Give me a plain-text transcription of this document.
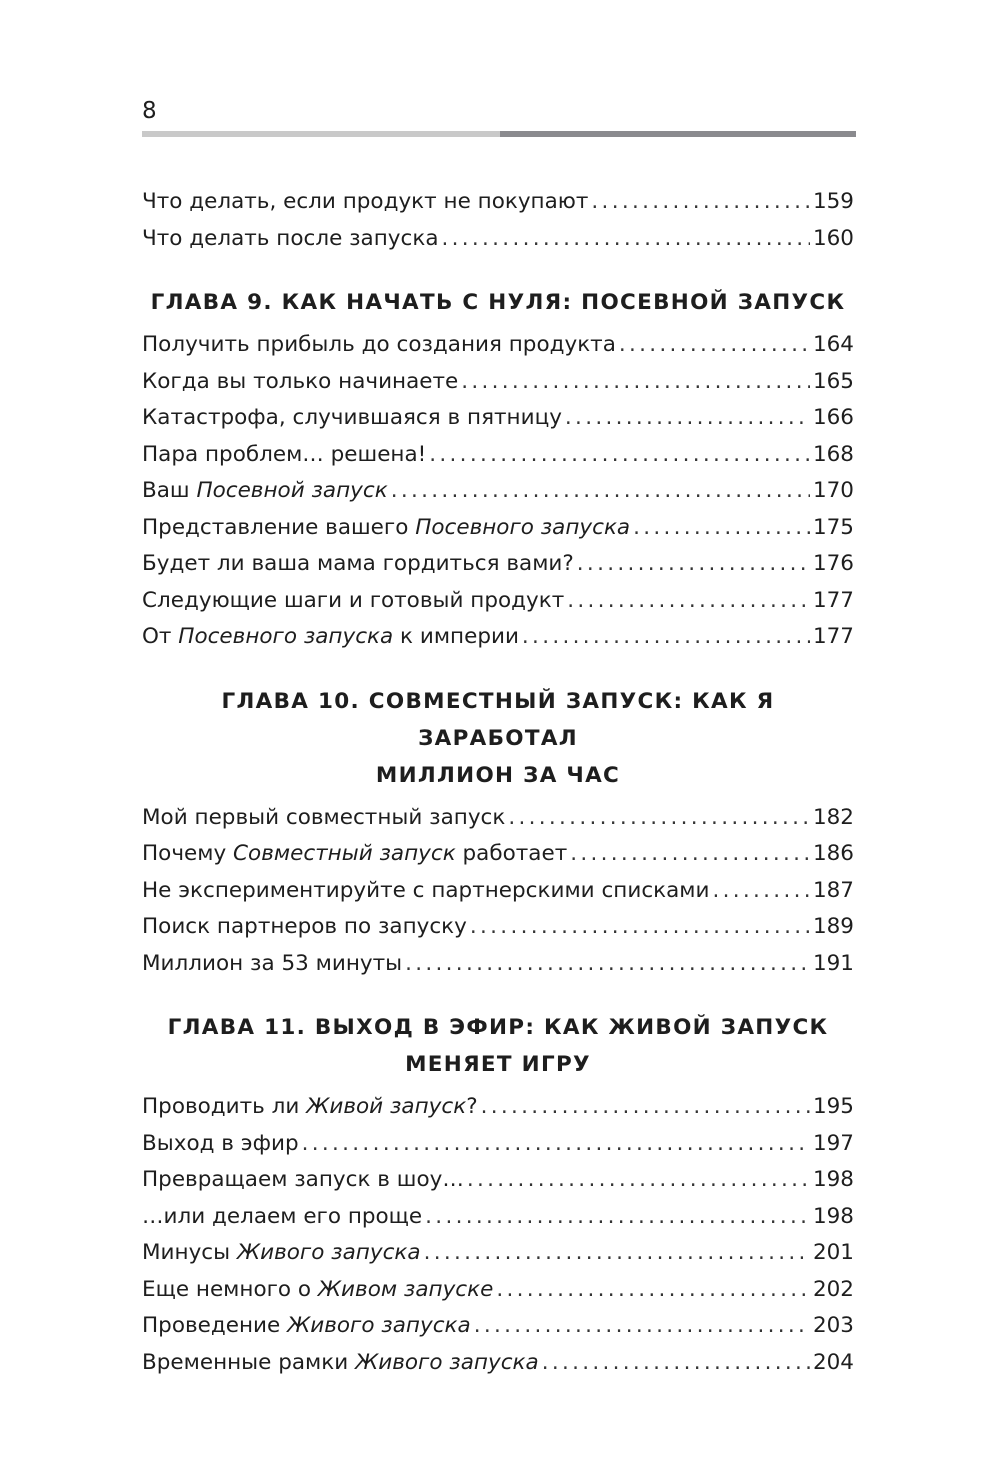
8
Что делать, если продукт не покупают .....	159
Что делать после запуска .....	160
ГЛАВА 9. КАК НАЧАТЬ С НУЛЯ: ПОСЕВНОЙ ЗАПУСК
Получить прибыль до создания продукта .....	164
Когда вы только начинаете .....	165
Катастрофа, случившаяся в пятницу .....	166
Пара проблем… решена! .....	168
Ваш Посевной запуск .....	170
Представление вашего Посевного запуска .....	175
Будет ли ваша мама гордиться вами? .....	176
Следующие шаги и готовый продукт .....	177
От Посевного запуска к империи .....	177
ГЛАВА 10. СОВМЕСТНЫЙ ЗАПУСК: КАК Я ЗАРАБОТАЛ
МИЛЛИОН ЗА ЧАС
Мой первый совместный запуск .....	182
Почему Совместный запуск работает .....	186
Не экспериментируйте с партнерскими списками .....	187
Поиск партнеров по запуску .....	189
Миллион за 53 минуты .....	191
ГЛАВА 11. ВЫХОД В ЭФИР: КАК ЖИВОЙ ЗАПУСК
МЕНЯЕТ ИГРУ
Проводить ли Живой запуск? .....	195
Выход в эфир .....	197
Превращаем запуск в шоу… .....	198
…или делаем его проще .....	198
Минусы Живого запуска .....	201
Еще немного о Живом запуске .....	202
Проведение Живого запуска .....	203
Временные рамки Живого запуска .....	204
